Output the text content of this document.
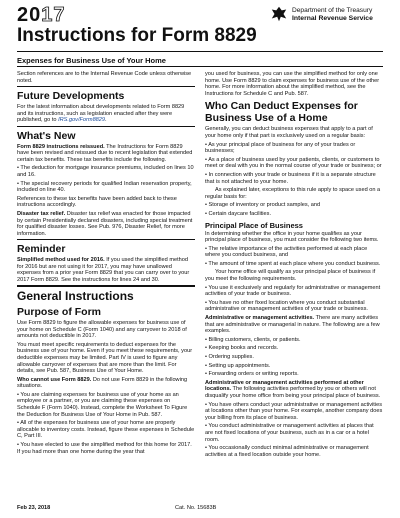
2017
Instructions for Form 8829
Department of the Treasury
Internal Revenue Service
Expenses for Business Use of Your Home

Section references are to the Internal Revenue Code unless otherwise noted.

Future Developments

For the latest information about developments related to Form 8829 and its instructions, such as legislation enacted after they were published, go to IRS.gov/Form8829.

What's New

Form 8829 instructions reissued. The Instructions for Form 8829 have been revised and reissued due to recent legislation that extended certain tax benefits. These tax benefits include the following.

• The deduction for mortgage insurance premiums, included on lines 10 and 16.

• The special recovery periods for qualified Indian reservation property, included on line 40.

References to these tax benefits have been added back to these instructions accordingly.

Disaster tax relief. Disaster tax relief was enacted for those impacted by certain Presidentially declared disasters, including special treatment for qualified disaster losses. See Pub. 976, Disaster Relief, for more information.

Reminder

Simplified method used for 2016. If you used the simplified method for 2016 but are not using it for 2017, you may have unallowed expenses from a prior year Form 8829 that you can carry over to your 2017 Form 8829. See the instructions for lines 24 and 30.

General Instructions
Purpose of Form

Use Form 8829 to figure the allowable expenses for business use of your home on Schedule C (Form 1040) and any carryover to 2018 of amounts not deductible in 2017.

You must meet specific requirements to deduct expenses for the business use of your home. Even if you meet these requirements, your deductible expenses may be limited. Part IV is used to figure any allowable carryover of expenses that are more than the limit. For details, see Pub. 587, Business Use of Your Home.

Who cannot use Form 8829. Do not use Form 8829 in the following situations.

• You are claiming expenses for business use of your home as an employee or a partner, or you are claiming these expenses on Schedule F (Form 1040). Instead, complete the Worksheet To Figure the Deduction for Business Use of Your Home in Pub. 587.

• All of the expenses for business use of your home are properly allocable to inventory costs. Instead, figure these expenses in Schedule C, Part III.

• You have elected to use the simplified method for this home for 2017. If you had more than one home during the year that

you used for business, you can use the simplified method for only one home. Use Form 8829 to claim expenses for business use of the other home. For more information about the simplified method, see the Instructions for Schedule C and Pub. 587.

Who Can Deduct Expenses for Business Use of a Home

Generally, you can deduct business expenses that apply to a part of your home only if that part is exclusively used on a regular basis:

• As your principal place of business for any of your trades or businesses;

• As a place of business used by your patients, clients, or customers to meet or deal with you in the normal course of your trade or business; or

• In connection with your trade or business if it is a separate structure that is not attached to your home.

As explained later, exceptions to this rule apply to space used on a regular basis for:

• Storage of inventory or product samples, and

• Certain daycare facilities.

Principal Place of Business

In determining whether the office in your home qualifies as your principal place of business, you must consider the following two items.

• The relative importance of the activities performed at each place where you conduct business, and

• The amount of time spent at each place where you conduct business.

Your home office will qualify as your principal place of business if you meet the following requirements.

• You use it exclusively and regularly for administrative or management activities of your trade or business.

• You have no other fixed location where you conduct substantial administrative or management activities of your trade or business.

Administrative or management activities. There are many activities that are administrative or managerial in nature. The following are a few examples.

• Billing customers, clients, or patients.

• Keeping books and records.

• Ordering supplies.

• Setting up appointments.

• Forwarding orders or writing reports.

Administrative or management activities performed at other locations. The following activities performed by you or others will not disqualify your home office from being your principal place of business.

• You have others conduct your administrative or management activities at locations other than your home. For example, another company does your billing from its place of business.

• You conduct administrative or management activities at places that are not fixed locations of your business, such as in a car or a hotel room.

• You occasionally conduct minimal administrative or management activities at a fixed location outside your home.

Feb 23, 2018	Cat. No. 15683B
